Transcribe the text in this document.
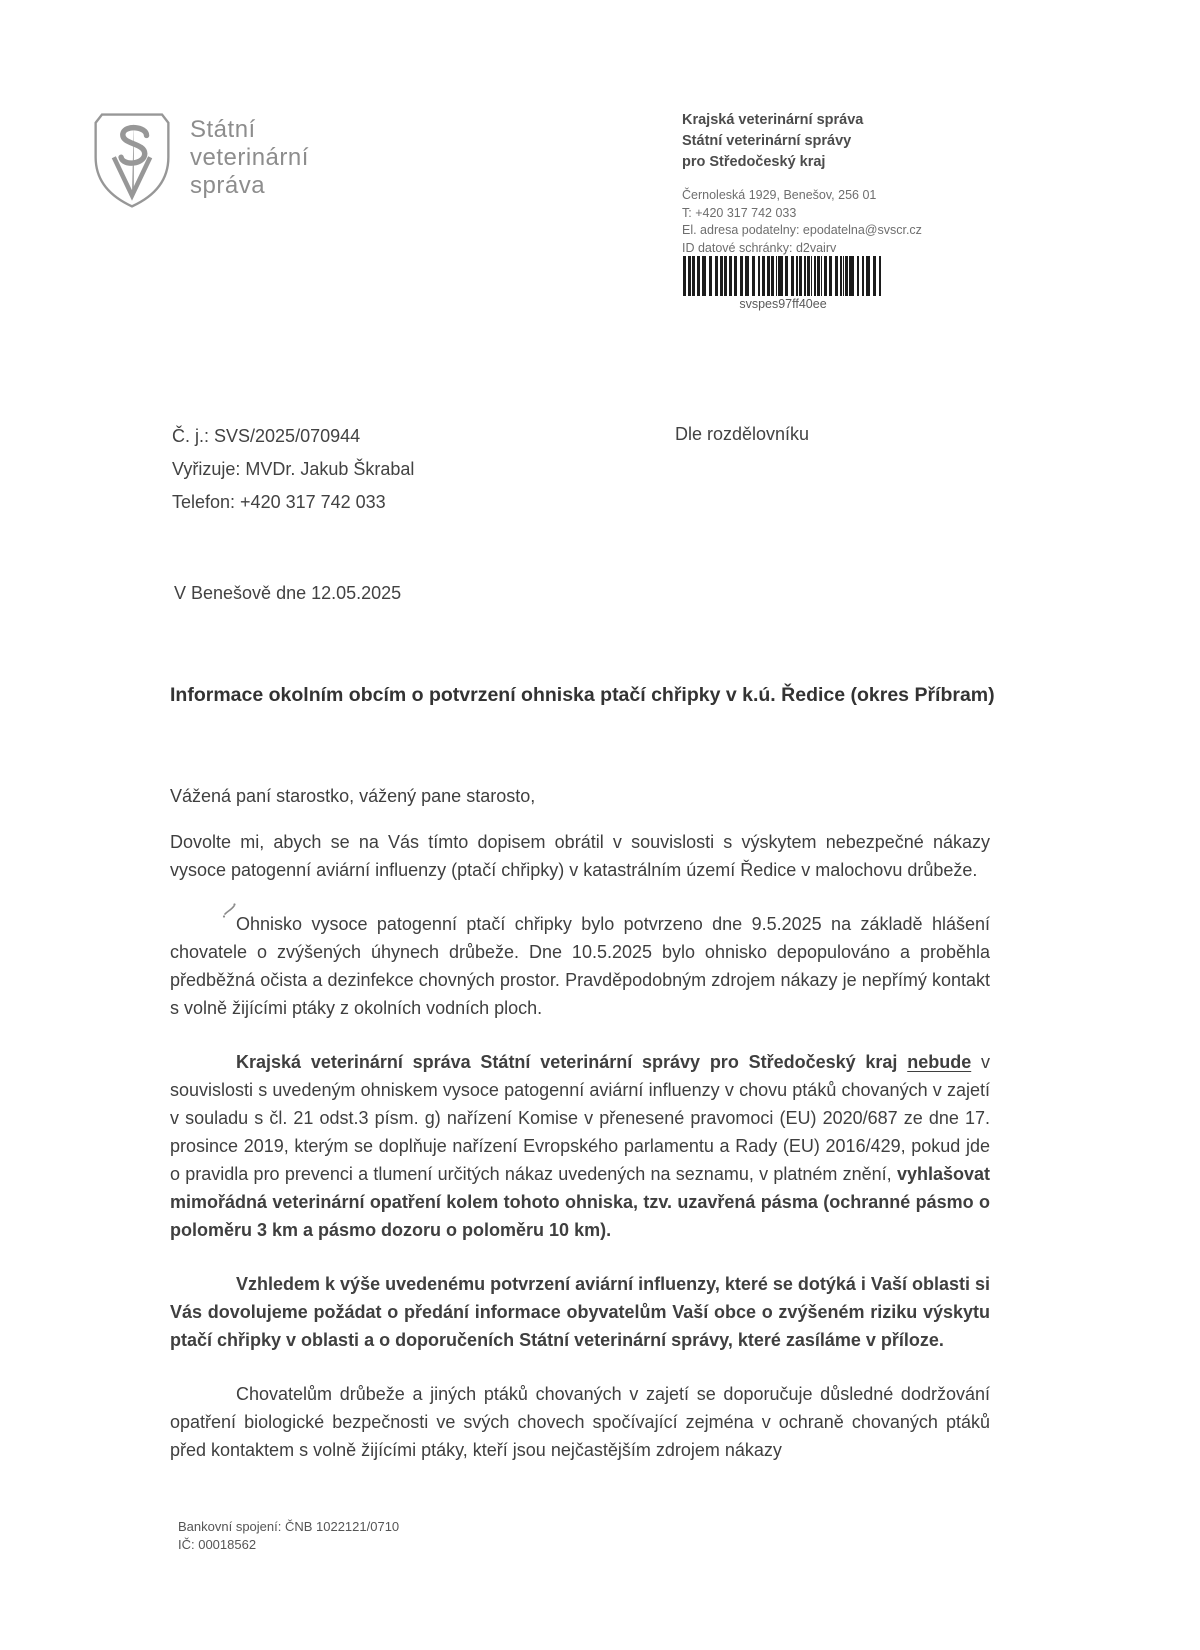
Státní
veterinární
správa
Krajská veterinární správa
Státní veterinární správy
pro Středočeský kraj
Černoleská 1929, Benešov, 256 01
T: +420 317 742 033
El. adresa podatelny: epodatelna@svscr.cz
ID datové schránky: d2vairv
svspes97ff40ee
Č. j.: SVS/2025/070944
Vyřizuje: MVDr. Jakub Škrabal
Telefon: +420 317 742 033
Dle rozdělovníku
V Benešově dne 12.05.2025
Informace okolním obcím o potvrzení ohniska ptačí chřipky v k.ú. Ředice (okres Příbram)

Vážená paní starostko, vážený pane starosto,

Dovolte mi, abych se na Vás tímto dopisem obrátil v souvislosti s výskytem nebezpečné nákazy vysoce patogenní aviární influenzy (ptačí chřipky) v katastrálním území Ředice v malochovu drůbeže.

Ohnisko vysoce patogenní ptačí chřipky bylo potvrzeno dne 9.5.2025 na základě hlášení chovatele o zvýšených úhynech drůbeže. Dne 10.5.2025 bylo ohnisko depopulováno a proběhla předběžná očista a dezinfekce chovných prostor. Pravděpodobným zdrojem nákazy je nepřímý kontakt s volně žijícími ptáky z okolních vodních ploch.

Krajská veterinární správa Státní veterinární správy pro Středočeský kraj nebude v souvislosti s uvedeným ohniskem vysoce patogenní aviární influenzy v chovu ptáků chovaných v zajetí v souladu s čl. 21 odst.3 písm. g) nařízení Komise v přenesené pravomoci (EU) 2020/687 ze dne 17. prosince 2019, kterým se doplňuje nařízení Evropského parlamentu a Rady (EU) 2016/429, pokud jde o pravidla pro prevenci a tlumení určitých nákaz uvedených na seznamu, v platném znění, vyhlašovat mimořádná veterinární opatření kolem tohoto ohniska, tzv. uzavřená pásma (ochranné pásmo o poloměru 3 km a pásmo dozoru o poloměru 10 km).

Vzhledem k výše uvedenému potvrzení aviární influenzy, které se dotýká i Vaší oblasti si Vás dovolujeme požádat o předání informace obyvatelům Vaší obce o zvýšeném riziku výskytu ptačí chřipky v oblasti a o doporučeních Státní veterinární správy, které zasíláme v příloze.

Chovatelům drůbeže a jiných ptáků chovaných v zajetí se doporučuje důsledné dodržování opatření biologické bezpečnosti ve svých chovech spočívající zejména v ochraně chovaných ptáků před kontaktem s volně žijícími ptáky, kteří jsou nejčastějším zdrojem nákazy

Bankovní spojení: ČNB 1022121/0710
IČ: 00018562
